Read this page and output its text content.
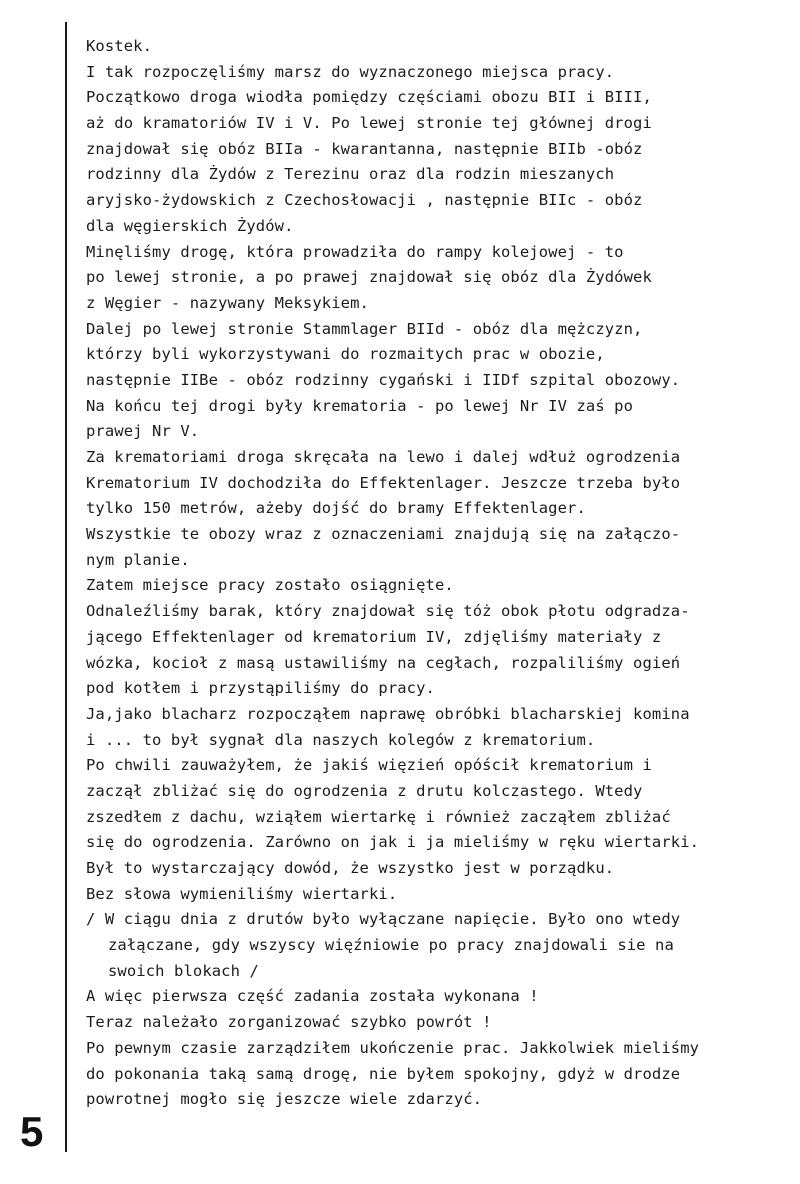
5
Kostek.
I tak rozpoczęliśmy marsz do wyznaczonego miejsca pracy.
Początkowo droga wiodła pomiędzy częściami obozu BII i BIII,
aż do kramatoriów IV i V. Po lewej stronie tej głównej drogi
znajdował się obóz BIIa - kwarantanna, następnie BIIb -obóz
rodzinny dla Żydów z Terezinu oraz dla rodzin mieszanych
aryjsko-żydowskich z Czechosłowacji , następnie BIIc - obóz
dla węgierskich Żydów.
Minęliśmy drogę, która prowadziła do rampy kolejowej - to
po lewej stronie, a po prawej znajdował się obóz dla Żydówek
z Węgier - nazywany Meksykiem.
Dalej po lewej stronie Stammlager BIId - obóz dla mężczyzn,
którzy byli wykorzystywani do rozmaitych prac w obozie,
następnie IIBe - obóz rodzinny cygański i IIDf szpital obozowy.
Na końcu tej drogi były krematoria - po lewej Nr IV zaś po
prawej Nr V.
Za krematoriami droga skręcała na lewo i dalej wdłuż ogrodzenia
Krematorium IV dochodziła do Effektenlager. Jeszcze trzeba było
tylko 150 metrów, ażeby dojść do bramy Effektenlager.
Wszystkie te obozy wraz z oznaczeniami znajdują się na załączo-
nym planie.
Zatem miejsce pracy zostało osiągnięte.
Odnaleźliśmy barak, który znajdował się tóż obok płotu odgradza-
jącego Effektenlager od krematorium IV, zdjęliśmy materiały z
wózka, kocioł z masą ustawiliśmy na cegłach, rozpaliliśmy ogień
pod kotłem i przystąpiliśmy do pracy.
Ja,jako blacharz rozpocząłem naprawę obróbki blacharskiej komina
i ... to był sygnał dla naszych kolegów z krematorium.
Po chwili zauważyłem, że jakiś więzień opóścił krematorium i
zaczął zbliżać się do ogrodzenia z drutu kolczastego. Wtedy
zszedłem z dachu, wziąłem wiertarkę i również zacząłem zbliżać
się do ogrodzenia. Zarówno on jak i ja mieliśmy w ręku wiertarki.
Był to wystarczający dowód, że wszystko jest w porządku.
Bez słowa wymieniliśmy wiertarki.
/ W ciągu dnia z drutów było wyłączane napięcie. Było ono wtedy
załączane, gdy wszyscy więźniowie po pracy znajdowali sie na
swoich blokach /
A więc pierwsza część zadania została wykonana !
Teraz należało zorganizować szybko powrót !
Po pewnym czasie zarządziłem ukończenie prac. Jakkolwiek mieliśmy
do pokonania taką samą drogę, nie byłem spokojny, gdyż w drodze
powrotnej mogło się jeszcze wiele zdarzyć.
